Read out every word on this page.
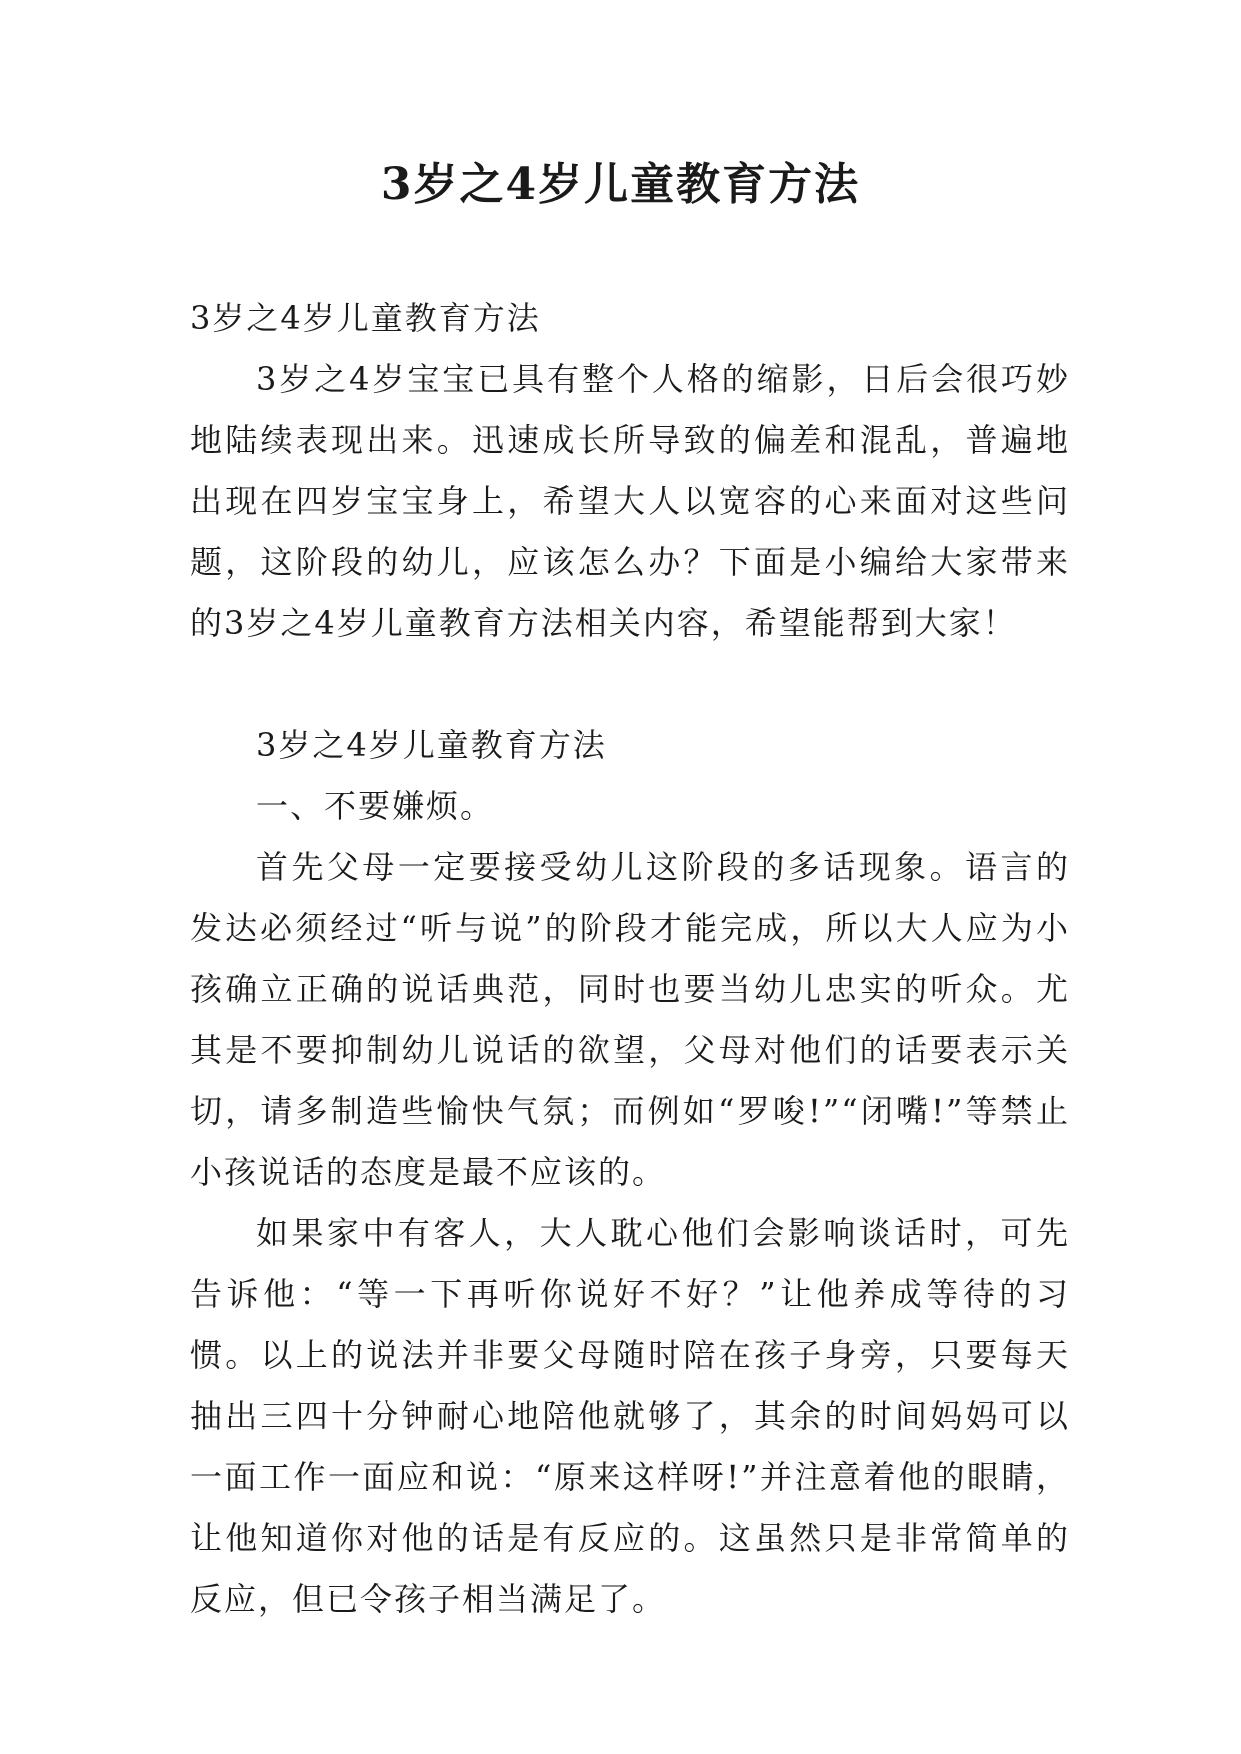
3岁之4岁儿童教育方法

3岁之4岁儿童教育方法

3岁之4岁宝宝已具有整个人格的缩影，日后会很巧妙地陆续表现出来。迅速成长所导致的偏差和混乱，普遍地出现在四岁宝宝身上，希望大人以宽容的心来面对这些问题，这阶段的幼儿，应该怎么办？下面是小编给大家带来的3岁之4岁儿童教育方法相关内容，希望能帮到大家！

3岁之4岁儿童教育方法

一、不要嫌烦。

首先父母一定要接受幼儿这阶段的多话现象。语言的发达必须经过“听与说”的阶段才能完成，所以大人应为小孩确立正确的说话典范，同时也要当幼儿忠实的听众。尤其是不要抑制幼儿说话的欲望，父母对他们的话要表示关切，请多制造些愉快气氛；而例如“罗唆!”“闭嘴!”等禁止小孩说话的态度是最不应该的。

如果家中有客人，大人耽心他们会影响谈话时，可先告诉他：“等一下再听你说好不好？”让他养成等待的习惯。以上的说法并非要父母随时陪在孩子身旁，只要每天抽出三四十分钟耐心地陪他就够了，其余的时间妈妈可以一面工作一面应和说：“原来这样呀!”并注意着他的眼睛，让他知道你对他的话是有反应的。这虽然只是非常简单的反应，但已令孩子相当满足了。
